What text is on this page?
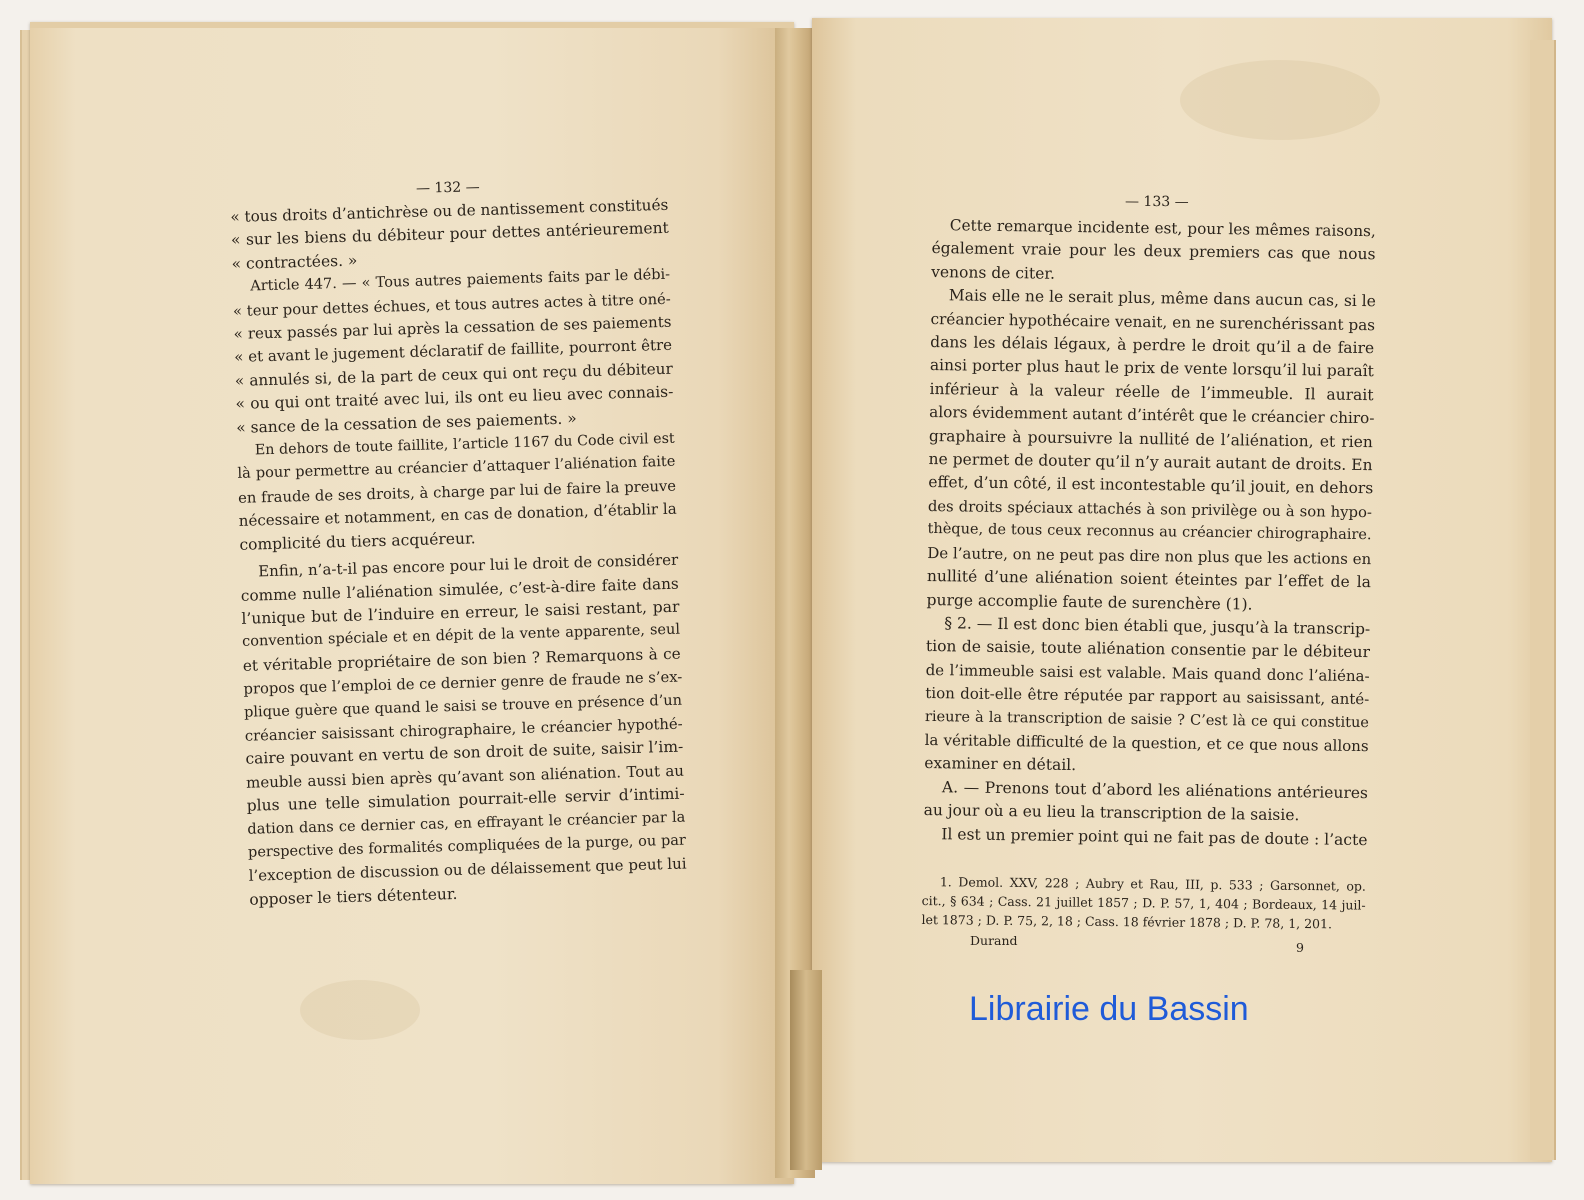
— 132 —
« tous droits d’antichrèse ou de nantissement constitués
« sur les biens du débiteur pour dettes antérieurement
« contractées. »
Article 447. — « Tous autres paiements faits par le débi-
« teur pour dettes échues, et tous autres actes à titre oné-
« reux passés par lui après la cessation de ses paiements
« et avant le jugement déclaratif de faillite, pourront être
« annulés si, de la part de ceux qui ont reçu du débiteur
« ou qui ont traité avec lui, ils ont eu lieu avec connais-
« sance de la cessation de ses paiements. »
En dehors de toute faillite, l’article 1167 du Code civil est
là pour permettre au créancier d’attaquer l’aliénation faite
en fraude de ses droits, à charge par lui de faire la preuve
nécessaire et notamment, en cas de donation, d’établir la
complicité du tiers acquéreur.
Enfin, n’a-t-il pas encore pour lui le droit de considérer
comme nulle l’aliénation simulée, c’est-à-dire faite dans
l’unique but de l’induire en erreur, le saisi restant, par
convention spéciale et en dépit de la vente apparente, seul
et véritable propriétaire de son bien ? Remarquons à ce
propos que l’emploi de ce dernier genre de fraude ne s’ex-
plique guère que quand le saisi se trouve en présence d’un
créancier saisissant chirographaire, le créancier hypothé-
caire pouvant en vertu de son droit de suite, saisir l’im-
meuble aussi bien après qu’avant son aliénation. Tout au
plus une telle simulation pourrait-elle servir d’intimi-
dation dans ce dernier cas, en effrayant le créancier par la
perspective des formalités compliquées de la purge, ou par
l’exception de discussion ou de délaissement que peut lui
opposer le tiers détenteur.
— 133 —
Cette remarque incidente est, pour les mêmes raisons,
également vraie pour les deux premiers cas que nous
venons de citer.
Mais elle ne le serait plus, même dans aucun cas, si le
créancier hypothécaire venait, en ne surenchérissant pas
dans les délais légaux, à perdre le droit qu’il a de faire
ainsi porter plus haut le prix de vente lorsqu’il lui paraît
inférieur à la valeur réelle de l’immeuble. Il aurait
alors évidemment autant d’intérêt que le créancier chiro-
graphaire à poursuivre la nullité de l’aliénation, et rien
ne permet de douter qu’il n’y aurait autant de droits. En
effet, d’un côté, il est incontestable qu’il jouit, en dehors
des droits spéciaux attachés à son privilège ou à son hypo-
thèque, de tous ceux reconnus au créancier chirographaire.
De l’autre, on ne peut pas dire non plus que les actions en
nullité d’une aliénation soient éteintes par l’effet de la
purge accomplie faute de surenchère (1).
§ 2. — Il est donc bien établi que, jusqu’à la transcrip-
tion de saisie, toute aliénation consentie par le débiteur
de l’immeuble saisi est valable. Mais quand donc l’aliéna-
tion doit-elle être réputée par rapport au saisissant, anté-
rieure à la transcription de saisie ? C’est là ce qui constitue
la véritable difficulté de la question, et ce que nous allons
examiner en détail.
A. — Prenons tout d’abord les aliénations antérieures
au jour où a eu lieu la transcription de la saisie.
Il est un premier point qui ne fait pas de doute : l’acte
1. Demol. XXV, 228 ; Aubry et Rau, III, p. 533 ; Garsonnet, op.
cit., § 634 ; Cass. 21 juillet 1857 ; D. P. 57, 1, 404 ; Bordeaux, 14 juil-
let 1873 ; D. P. 75, 2, 18 ; Cass. 18 février 1878 ; D. P. 78, 1, 201.
Durand	9
Librairie du Bassin
